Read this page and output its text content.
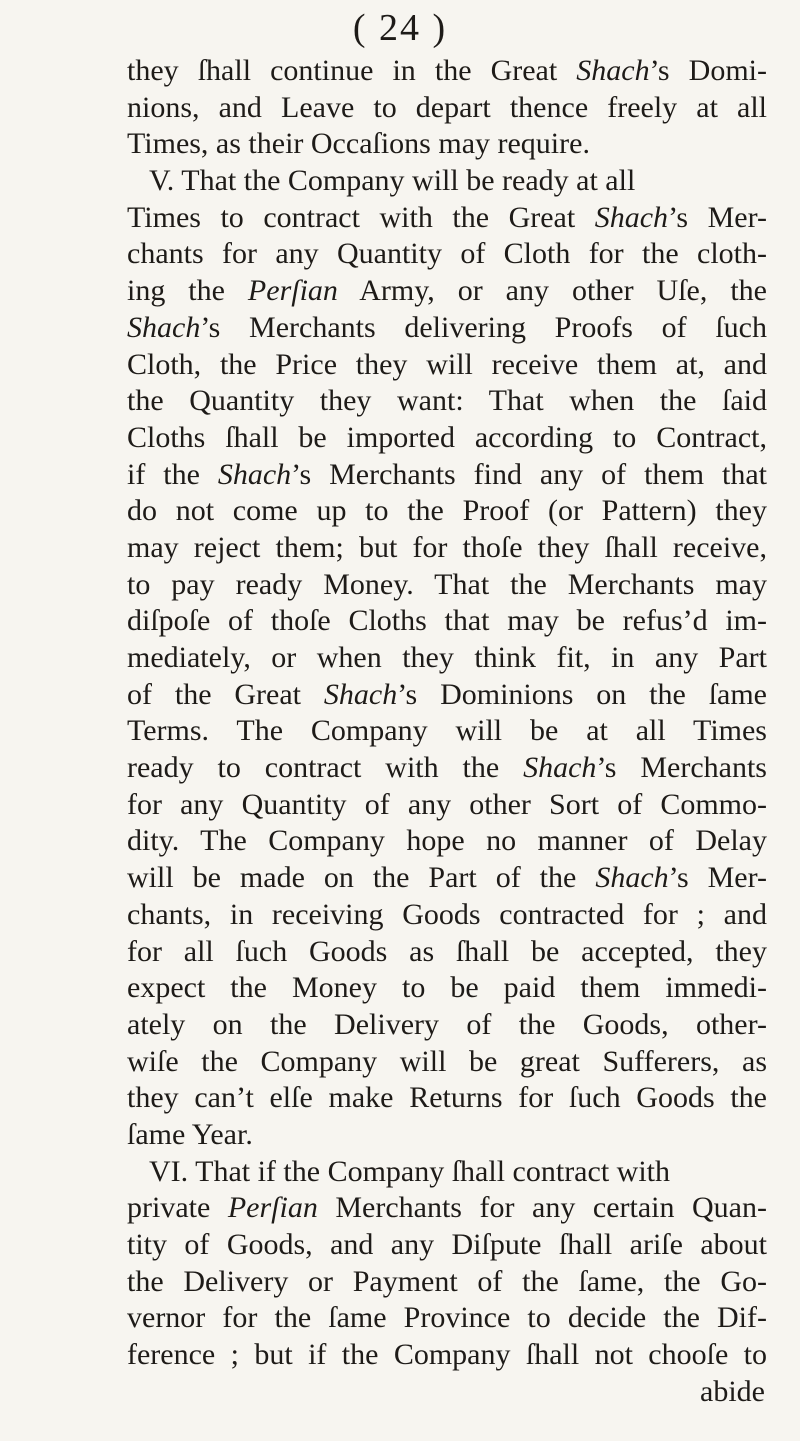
( 24 )
they ſhall continue in the Great Shach’s Domi-
nions, and Leave to depart thence freely at all
Times, as their Occaſions may require.
V. That the Company will be ready at all
Times to contract with the Great Shach’s Mer-
chants for any Quantity of Cloth for the cloth-
ing the Perſian Army, or any other Uſe, the
Shach’s Merchants delivering Proofs of ſuch
Cloth, the Price they will receive them at, and
the Quantity they want: That when the ſaid
Cloths ſhall be imported according to Contract,
if the Shach’s Merchants find any of them that
do not come up to the Proof (or Pattern) they
may reject them; but for thoſe they ſhall receive,
to pay ready Money. That the Merchants may
diſpoſe of thoſe Cloths that may be refus’d im-
mediately, or when they think fit, in any Part
of the Great Shach’s Dominions on the ſame
Terms. The Company will be at all Times
ready to contract with the Shach’s Merchants
for any Quantity of any other Sort of Commo-
dity. The Company hope no manner of Delay
will be made on the Part of the Shach’s Mer-
chants, in receiving Goods contracted for ; and
for all ſuch Goods as ſhall be accepted, they
expect the Money to be paid them immedi-
ately on the Delivery of the Goods, other-
wiſe the Company will be great Sufferers, as
they can’t elſe make Returns for ſuch Goods the
ſame Year.
VI. That if the Company ſhall contract with
private Perſian Merchants for any certain Quan-
tity of Goods, and any Diſpute ſhall ariſe about
the Delivery or Payment of the ſame, the Go-
vernor for the ſame Province to decide the Dif-
ference ; but if the Company ſhall not chooſe to
abide
